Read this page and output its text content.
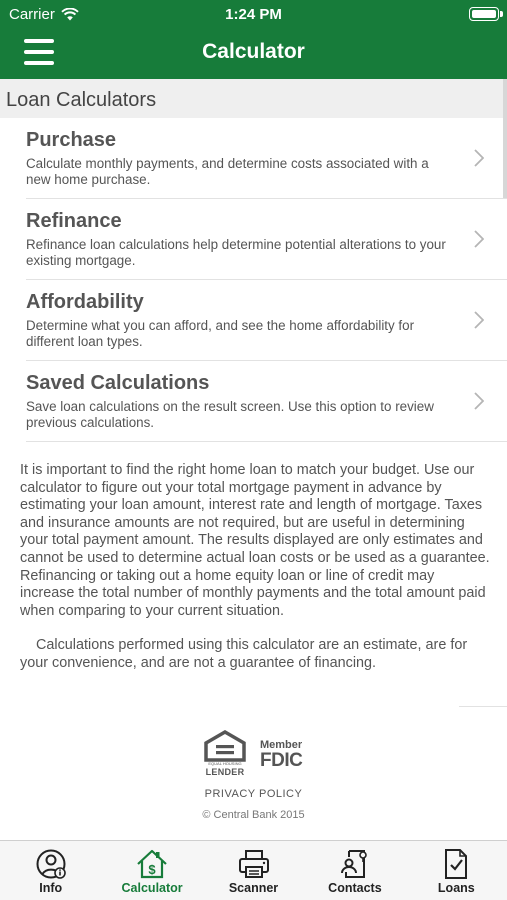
Carrier	1:24 PM
Calculator
Loan Calculators
Purchase
Calculate monthly payments, and determine costs associated with a new home purchase.
Refinance
Refinance loan calculations help determine potential alterations to your existing mortgage.
Affordability
Determine what you can afford, and see the home affordability for different loan types.
Saved Calculations
Save loan calculations on the result screen. Use this option to review previous calculations.

It is important to find the right home loan to match your budget. Use our calculator to figure out your total mortgage payment in advance by estimating your loan amount, interest rate and length of mortgage. Taxes and insurance amounts are not required, but are useful in determining your total payment amount. The results displayed are only estimates and cannot be used to determine actual loan costs or be used as a guarantee. Refinancing or taking out a home equity loan or line of credit may increase the total number of monthly payments and the total amount paid when comparing to your current situation.

Calculations performed using this calculator are an estimate, are for your convenience, and are not a guarantee of financing.

EQUAL HOUSING
LENDER
Member
FDIC
PRIVACY POLICY
© Central Bank 2015
Info
$
Calculator	Scanner	Contacts	Loans
